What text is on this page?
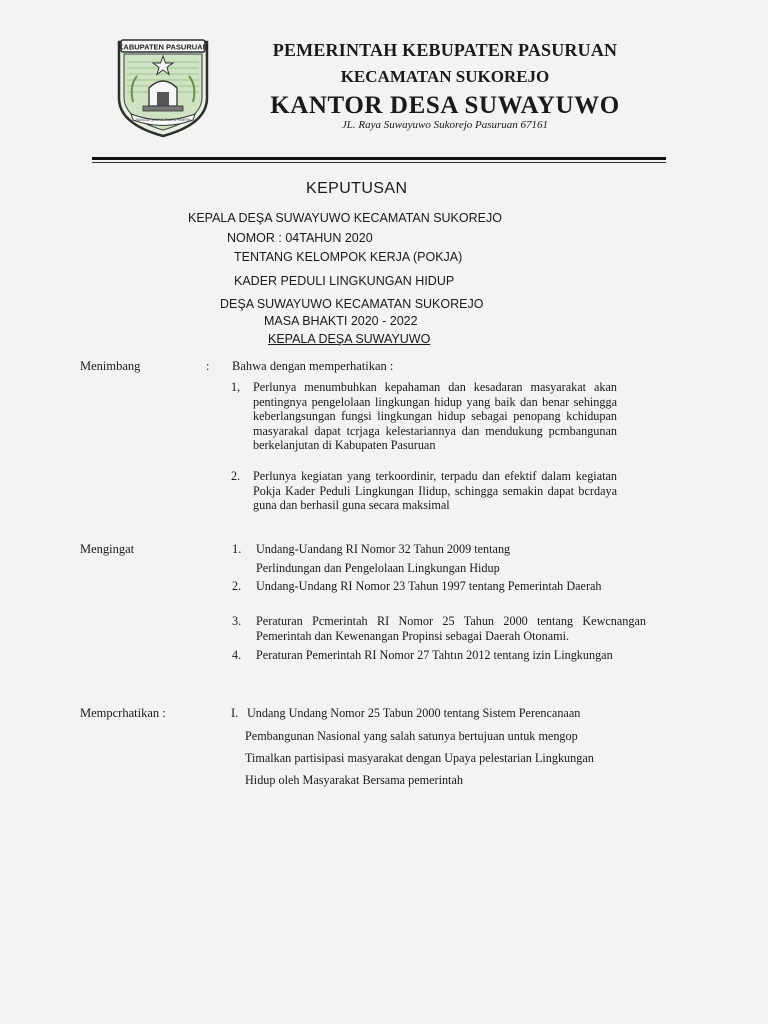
KABUPATEN PASURUAN
BANGUN KARYA TANPA PAMRIH
PEMERINTAH KEBUPATEN PASURUAN
KECAMATAN SUKOREJO
KANTOR DESA SUWAYUWO
JL. Raya Suwayuwo Sukorejo Pasuruan 67161
KEPUTUSAN
KEPALA DEŞA SUWAYUWO KECAMATAN SUKOREJO
NOMOR : 04TAHUN 2020
TENTANG KELOMPOK KERJA (POKJA)
KADER PEDULI LINGKUNGAN HIDUP
DEŞA SUWAYUWO KECAMATAN SUKOREJO
MASA BHAKTI 2020 - 2022
KEPALA DEŞA SUWAYUWO
Menimbang	: Bahwa dengan memperhatikan :
1, Perlunya menumbuhkan kepahaman dan kesadaran masyarakat akan pentingnya pengelolaan lingkungan hidup yang baik dan benar sehingga keberlangsungan fungsi lingkungan hidup sebagai penopang kchidupan masyarakal dapat tcrjaga kelestariannya dan mendukung pcmbangunan berkelanjutan di Kabupaten Pasuruan
2. Perlunya kegiatan yang terkoordinir, terpadu dan efektif dalam kegiatan Pokja Kader Peduli Lingkungan Ilidup, schingga semakin dapat bcrdaya guna dan berhasil guna secara maksimal
Mengingat	1. Undang-Uandang RI Nomor 32 Tahun 2009 tentang
Perlindungan dan Pengelolaan Lingkungan Hidup
2. Undang-Undang RI Nomor 23 Tahun 1997 tentang Pemerintah Daerah
3. Peraturan Pcmerintah RI Nomor 25 Tahun 2000 tentang Kewcnangan Pemerintah dan Kewenangan Propinsi sebagai Daerah Otonami.
4. Peraturan Pemerintah RI Nomor 27 Tahtın 2012 tentang izin Lingkungan
Mempcrhatikan :	I. Undang Undang Nomor 25 Tabun 2000 tentang Sistem Perencanaan
Pembangunan Nasional yang salah satunya bertujuan untuk mengop
Timalkan partisipasi masyarakat dengan Upaya pelestarian Lingkungan
Hidup oleh Masyarakat Bersama pemerintah
